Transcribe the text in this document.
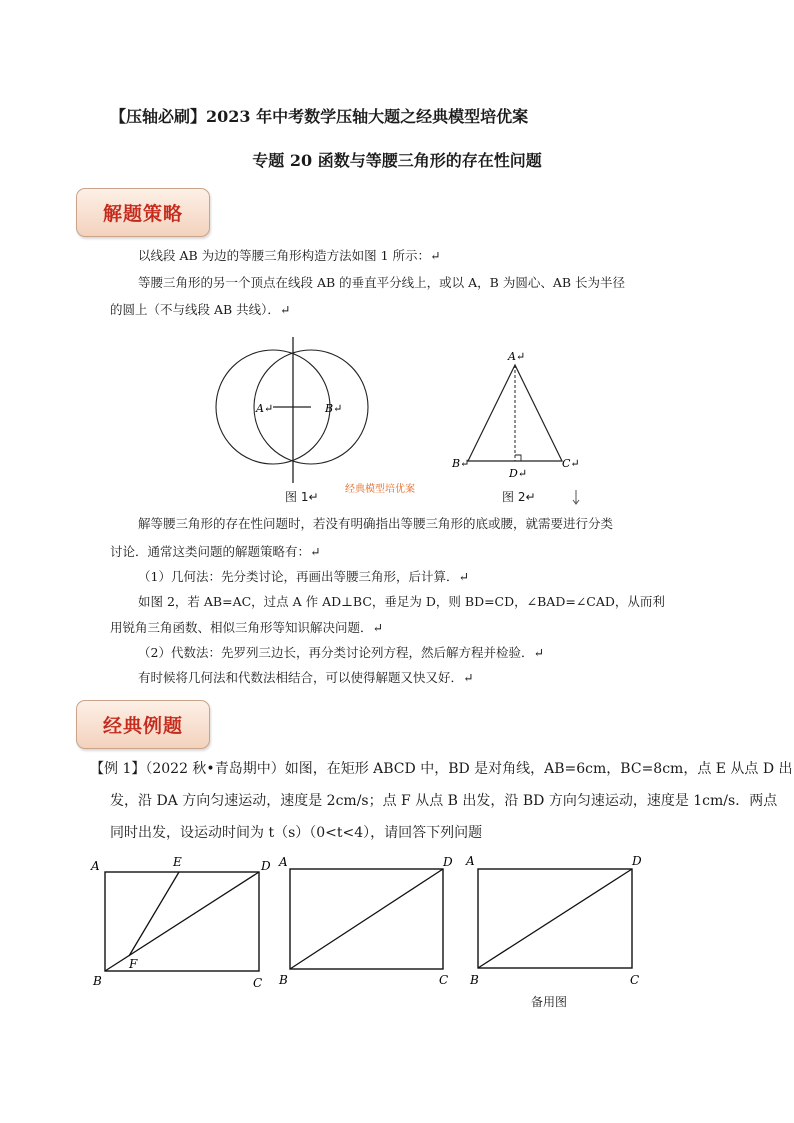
【压轴必刷】2023 年中考数学压轴大题之经典模型培优案
专题 20 函数与等腰三角形的存在性问题
解题策略
以线段 AB 为边的等腰三角形构造方法如图 1 所示：↵
等腰三角形的另一个顶点在线段 AB 的垂直平分线上，或以 A，B 为圆心、AB 长为半径
的圆上（不与线段 AB 共线）．↵
A↵	B↵
图 1↵
经典模型培优案
A↵
B↵	C↵
D↵
图 2↵
解等腰三角形的存在性问题时，若没有明确指出等腰三角形的底或腰，就需要进行分类
讨论．通常这类问题的解题策略有：↵
（1）几何法：先分类讨论，再画出等腰三角形，后计算．↵
如图 2，若 AB=AC，过点 A 作 AD⊥BC，垂足为 D，则 BD=CD，∠BAD=∠CAD，从而利
用锐角三角函数、相似三角形等知识解决问题．↵
（2）代数法：先罗列三边长，再分类讨论列方程，然后解方程并检验．↵
有时候将几何法和代数法相结合，可以使得解题又快又好．↵
经典例题
【例 1】（2022 秋•青岛期中）如图，在矩形 ABCD 中，BD 是对角线，AB=6cm，BC=8cm，点 E 从点 D 出
发，沿 DA 方向匀速运动，速度是 2cm/s；点 F 从点 B 出发，沿 BD 方向匀速运动，速度是 1cm/s．两点
同时出发，设运动时间为 t（s）（0<t<4），请回答下列问题
A	D
E
B	C
F
A	D
B	C
A	D
B	C
备用图
